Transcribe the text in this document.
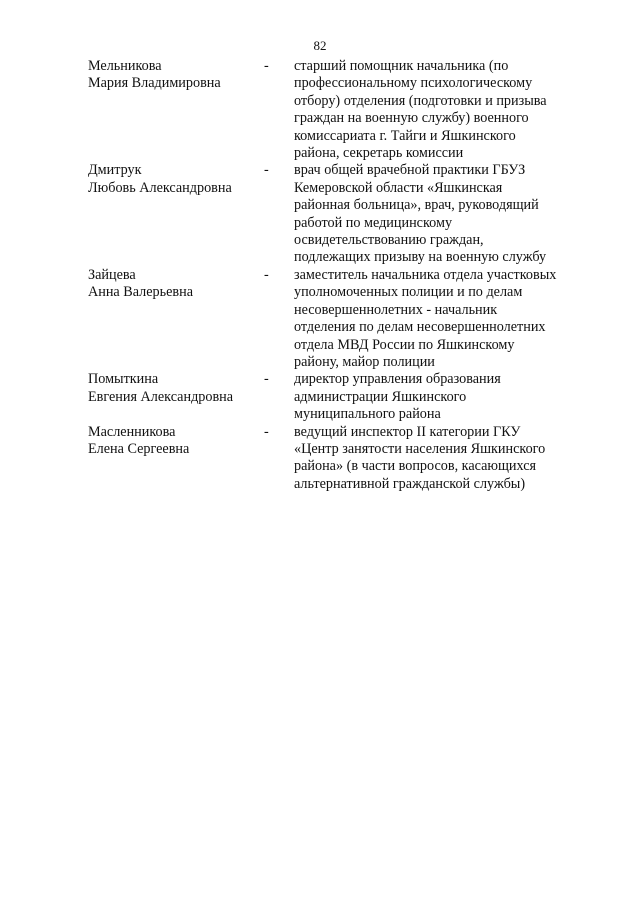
82
Мельникова
Мария Владимировна
-	старший помощник начальника (по
профессиональному психологическому
отбору) отделения (подготовки и призыва
граждан на военную службу) военного
комиссариата г. Тайги и Яшкинского
района, секретарь комиссии
Дмитрук
Любовь Александровна
-	врач общей врачебной практики ГБУЗ
Кемеровской области «Яшкинская
районная больница», врач, руководящий
работой по медицинскому
освидетельствованию граждан,
подлежащих призыву на военную службу
Зайцева
Анна Валерьевна
-	заместитель начальника отдела участковых
уполномоченных полиции и по делам
несовершеннолетних - начальник
отделения по делам несовершеннолетних
отдела МВД России по Яшкинскому
району, майор полиции
Помыткина
Евгения Александровна
-	директор управления образования
администрации Яшкинского
муниципального района
Масленникова
Елена Сергеевна
-	ведущий инспектор II категории ГКУ
«Центр занятости населения Яшкинского
района» (в части вопросов, касающихся
альтернативной гражданской службы)
